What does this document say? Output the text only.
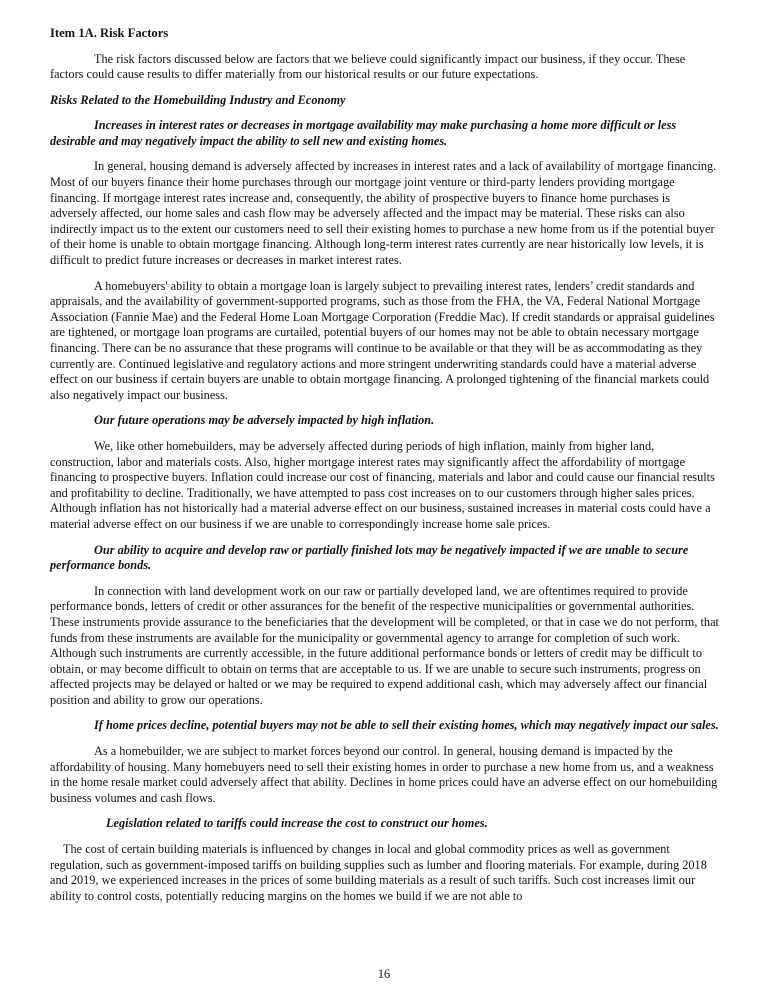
Item 1A. Risk Factors

The risk factors discussed below are factors that we believe could significantly impact our business, if they occur. These factors could cause results to differ materially from our historical results or our future expectations.

Risks Related to the Homebuilding Industry and Economy
Increases in interest rates or decreases in mortgage availability may make purchasing a home more difficult or less desirable and may negatively impact the ability to sell new and existing homes.

In general, housing demand is adversely affected by increases in interest rates and a lack of availability of mortgage financing. Most of our buyers finance their home purchases through our mortgage joint venture or third-party lenders providing mortgage financing. If mortgage interest rates increase and, consequently, the ability of prospective buyers to finance home purchases is adversely affected, our home sales and cash flow may be adversely affected and the impact may be material. These risks can also indirectly impact us to the extent our customers need to sell their existing homes to purchase a new home from us if the potential buyer of their home is unable to obtain mortgage financing. Although long-term interest rates currently are near historically low levels, it is difficult to predict future increases or decreases in market interest rates.

A homebuyers' ability to obtain a mortgage loan is largely subject to prevailing interest rates, lenders’ credit standards and appraisals, and the availability of government-supported programs, such as those from the FHA, the VA, Federal National Mortgage Association (Fannie Mae) and the Federal Home Loan Mortgage Corporation (Freddie Mac). If credit standards or appraisal guidelines are tightened, or mortgage loan programs are curtailed, potential buyers of our homes may not be able to obtain necessary mortgage financing. There can be no assurance that these programs will continue to be available or that they will be as accommodating as they currently are. Continued legislative and regulatory actions and more stringent underwriting standards could have a material adverse effect on our business if certain buyers are unable to obtain mortgage financing. A prolonged tightening of the financial markets could also negatively impact our business.

Our future operations may be adversely impacted by high inflation.

We, like other homebuilders, may be adversely affected during periods of high inflation, mainly from higher land, construction, labor and materials costs. Also, higher mortgage interest rates may significantly affect the affordability of mortgage financing to prospective buyers. Inflation could increase our cost of financing, materials and labor and could cause our financial results and profitability to decline. Traditionally, we have attempted to pass cost increases on to our customers through higher sales prices. Although inflation has not historically had a material adverse effect on our business, sustained increases in material costs could have a material adverse effect on our business if we are unable to correspondingly increase home sale prices.

Our ability to acquire and develop raw or partially finished lots may be negatively impacted if we are unable to secure performance bonds.

In connection with land development work on our raw or partially developed land, we are oftentimes required to provide performance bonds, letters of credit or other assurances for the benefit of the respective municipalities or governmental authorities. These instruments provide assurance to the beneficiaries that the development will be completed, or that in case we do not perform, that funds from these instruments are available for the municipality or governmental agency to arrange for completion of such work. Although such instruments are currently accessible, in the future additional performance bonds or letters of credit may be difficult to obtain, or may become difficult to obtain on terms that are acceptable to us. If we are unable to secure such instruments, progress on affected projects may be delayed or halted or we may be required to expend additional cash, which may adversely affect our financial position and ability to grow our operations.

If home prices decline, potential buyers may not be able to sell their existing homes, which may negatively impact our sales.

As a homebuilder, we are subject to market forces beyond our control. In general, housing demand is impacted by the affordability of housing. Many homebuyers need to sell their existing homes in order to purchase a new home from us, and a weakness in the home resale market could adversely affect that ability. Declines in home prices could have an adverse effect on our homebuilding business volumes and cash flows.

Legislation related to tariffs could increase the cost to construct our homes.

The cost of certain building materials is influenced by changes in local and global commodity prices as well as government regulation, such as government-imposed tariffs on building supplies such as lumber and flooring materials. For example, during 2018 and 2019, we experienced increases in the prices of some building materials as a result of such tariffs. Such cost increases limit our ability to control costs, potentially reducing margins on the homes we build if we are not able to

16
